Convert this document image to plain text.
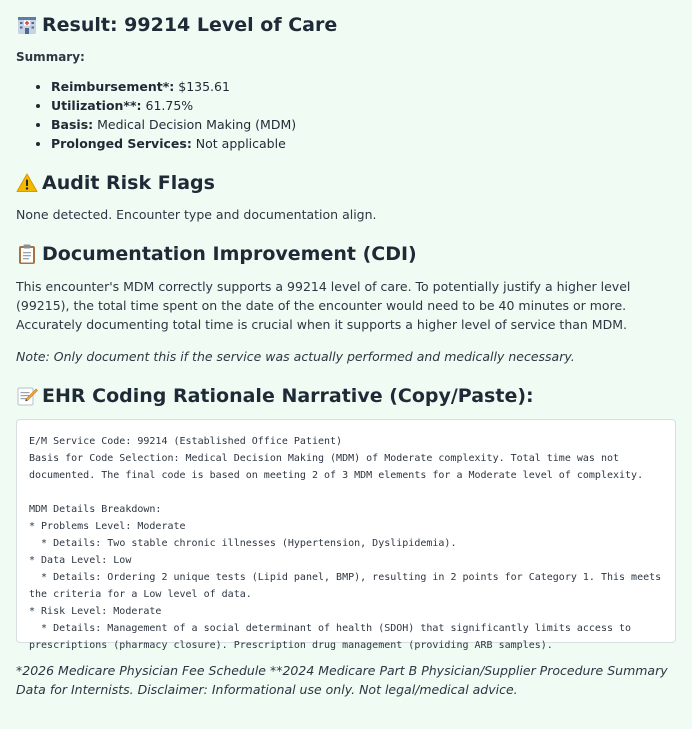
Result: 99214 Level of Care

Summary:

• Reimbursement*: $135.61
• Utilization**: 61.75%
• Basis: Medical Decision Making (MDM)
• Prolonged Services: Not applicable
Audit Risk Flags

None detected. Encounter type and documentation align.

Documentation Improvement (CDI)

This encounter's MDM correctly supports a 99214 level of care. To potentially justify a higher level (99215), the total time spent on the date of the encounter would need to be 40 minutes or more. Accurately documenting total time is crucial when it supports a higher level of service than MDM.

Note: Only document this if the service was actually performed and medically necessary.

EHR Coding Rationale Narrative (Copy/Paste):
E/M Service Code: 99214 (Established Office Patient)
Basis for Code Selection: Medical Decision Making (MDM) of Moderate complexity. Total time was not documented. The final code is based on meeting 2 of 3 MDM elements for a Moderate level of complexity.

MDM Details Breakdown:
* Problems Level: Moderate
* Details: Two stable chronic illnesses (Hypertension, Dyslipidemia).
* Data Level: Low
* Details: Ordering 2 unique tests (Lipid panel, BMP), resulting in 2 points for Category 1. This meets the criteria for a Low level of data.
* Risk Level: Moderate
* Details: Management of a social determinant of health (SDOH) that significantly limits access to prescriptions (pharmacy closure). Prescription drug management (providing ARB samples).

*2026 Medicare Physician Fee Schedule **2024 Medicare Part B Physician/Supplier Procedure Summary Data for Internists. Disclaimer: Informational use only. Not legal/medical advice.
